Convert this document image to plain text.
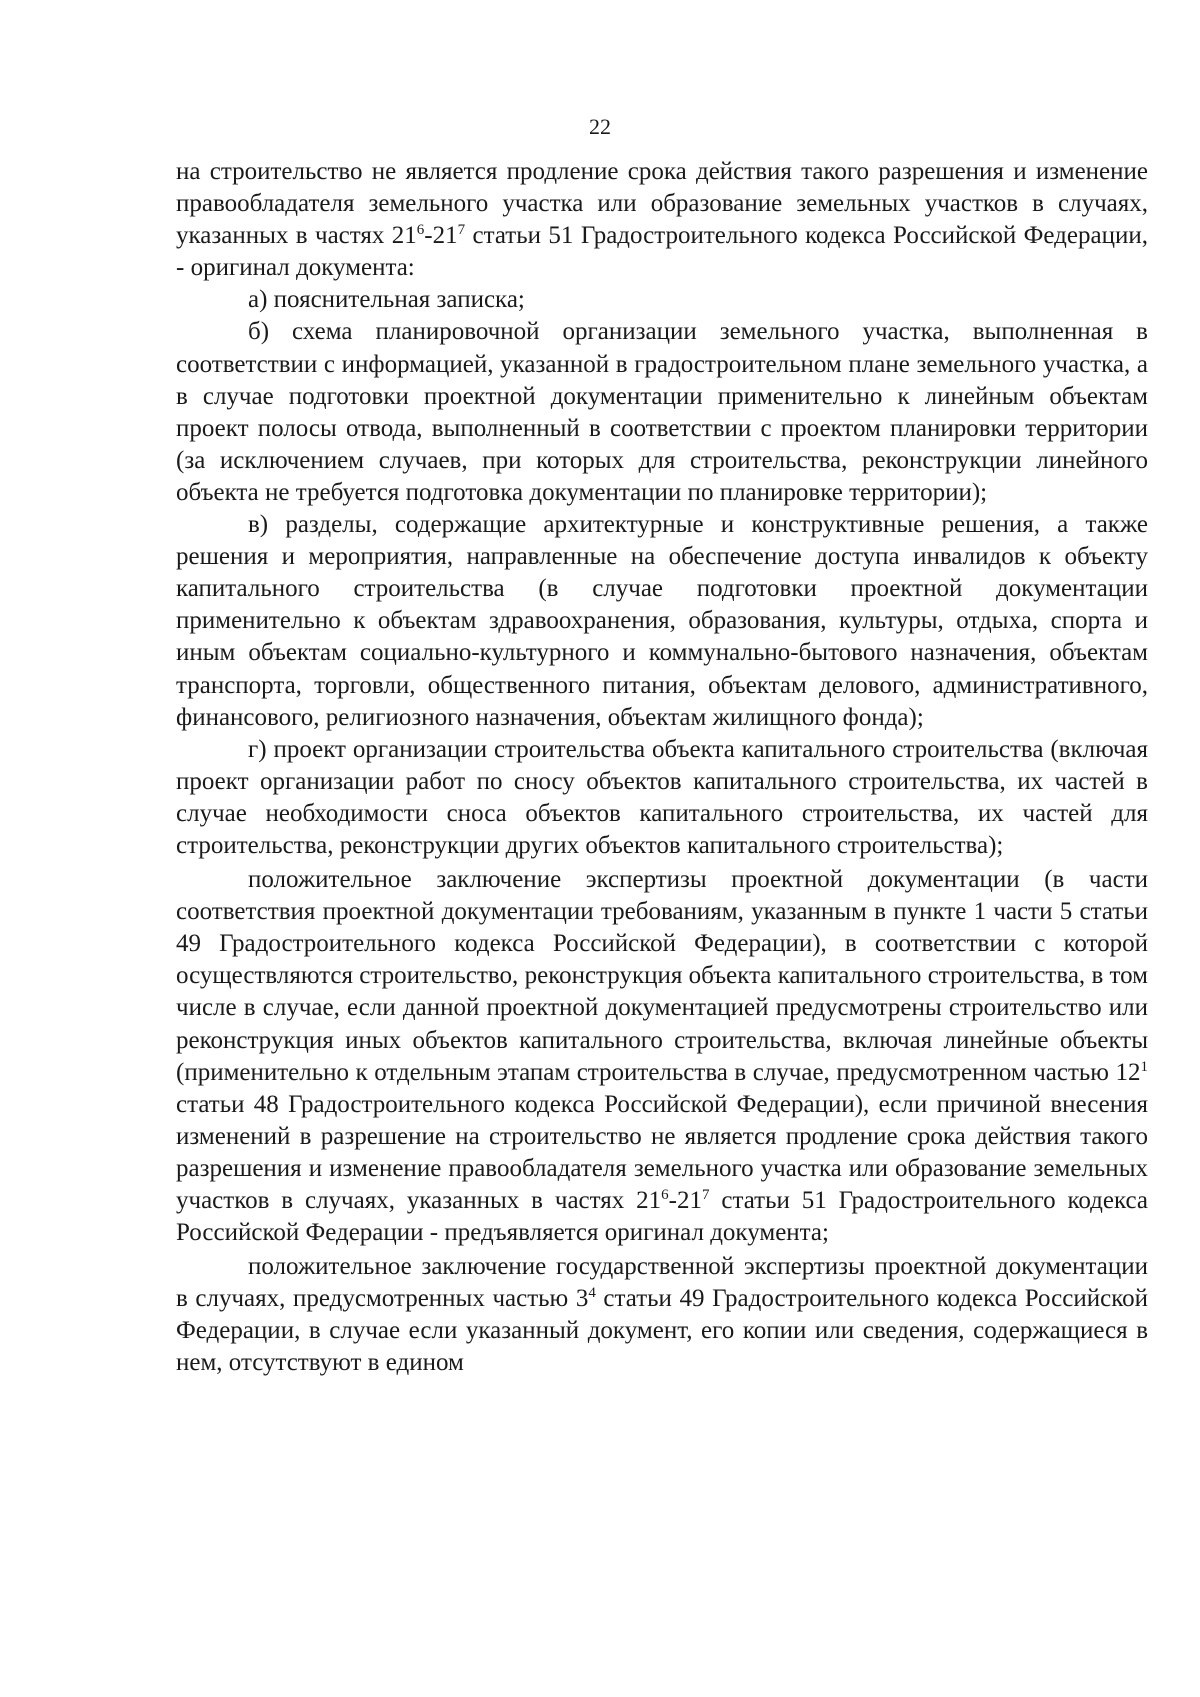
22

на строительство не является продление срока действия такого разрешения и изменение правообладателя земельного участка или образование земельных участков в случаях, указанных в частях $21^6-21^7$ статьи 51 Градостроительного кодекса Российской Федерации, - оригинал документа:

а) пояснительная записка;

б) схема планировочной организации земельного участка, выполненная в соответствии с информацией, указанной в градостроительном плане земельного участка, а в случае подготовки проектной документации применительно к линейным объектам проект полосы отвода, выполненный в соответствии с проектом планировки территории (за исключением случаев, при которых для строительства, реконструкции линейного объекта не требуется подготовка документации по планировке территории);

в) разделы, содержащие архитектурные и конструктивные решения, а также решения и мероприятия, направленные на обеспечение доступа инвалидов к объекту капитального строительства (в случае подготовки проектной документации применительно к объектам здравоохранения, образования, культуры, отдыха, спорта и иным объектам социально-культурного и коммунально-бытового назначения, объектам транспорта, торговли, общественного питания, объектам делового, административного, финансового, религиозного назначения, объектам жилищного фонда);

г) проект организации строительства объекта капитального строительства (включая проект организации работ по сносу объектов капитального строительства, их частей в случае необходимости сноса объектов капитального строительства, их частей для строительства, реконструкции других объектов капитального строительства);

положительное заключение экспертизы проектной документации (в части соответствия проектной документации требованиям, указанным в пункте 1 части 5 статьи 49 Градостроительного кодекса Российской Федерации), в соответствии с которой осуществляются строительство, реконструкция объекта капитального строительства, в том числе в случае, если данной проектной документацией предусмотрены строительство или реконструкция иных объектов капитального строительства, включая линейные объекты (применительно к отдельным этапам строительства в случае, предусмотренном частью $12^1$ статьи 48 Градостроительного кодекса Российской Федерации), если причиной внесения изменений в разрешение на строительство не является продление срока действия такого разрешения и изменение правообладателя земельного участка или образование земельных участков в случаях, указанных в частях $21^6-21^7$ статьи 51 Градостроительного кодекса Российской Федерации - предъявляется оригинал документа;

положительное заключение государственной экспертизы проектной документации в случаях, предусмотренных частью $3^4$ статьи 49 Градостроительного кодекса Российской Федерации, в случае если указанный документ, его копии или сведения, содержащиеся в нем, отсутствуют в едином
